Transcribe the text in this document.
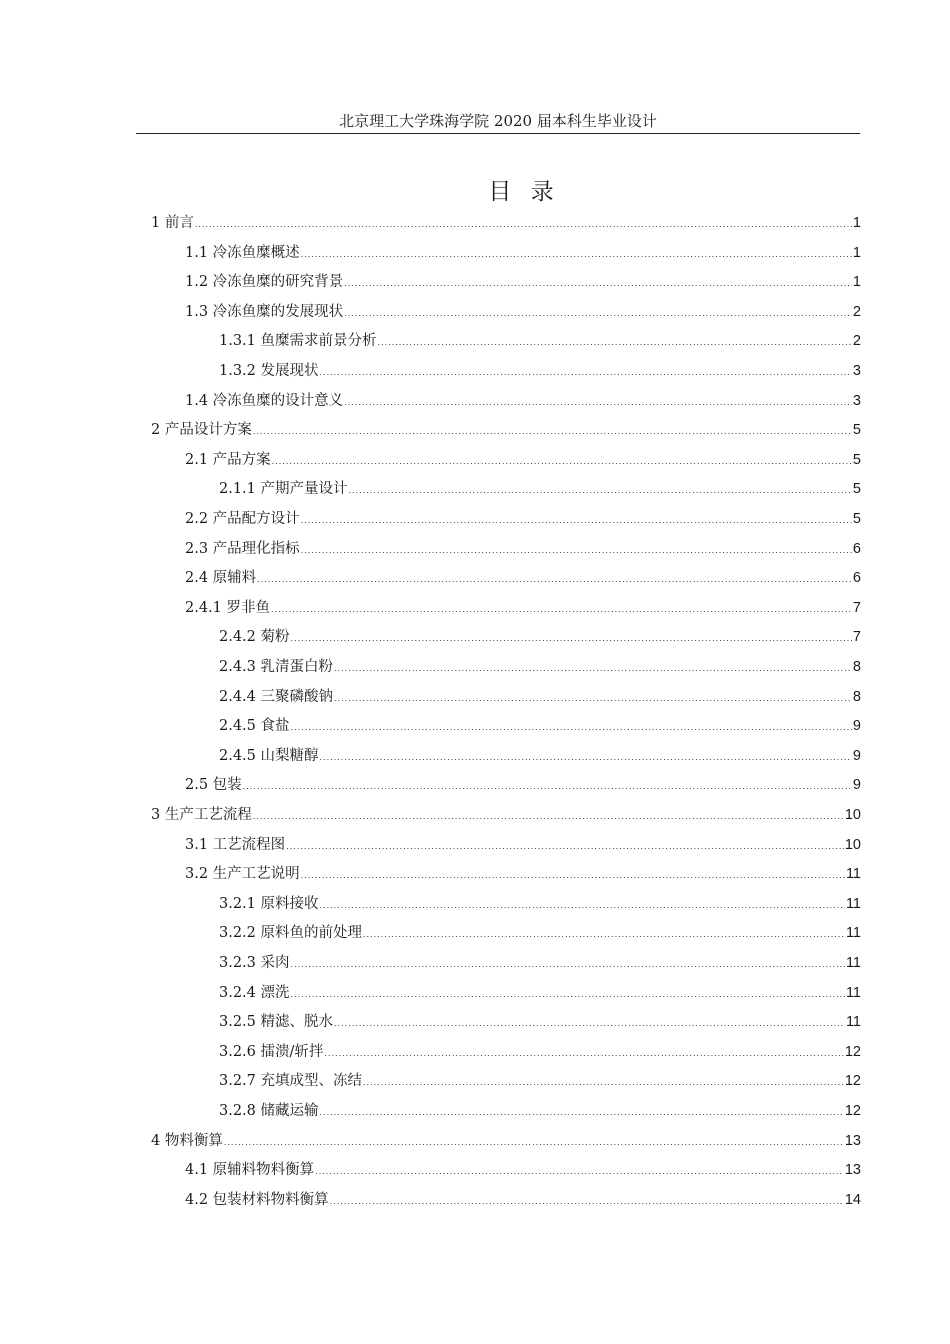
北京理工大学珠海学院 2020 届本科生毕业设计
目 录
1 前言 .....	1
1.1 冷冻鱼糜概述 .....	1
1.2 冷冻鱼糜的研究背景 .....	1
1.3 冷冻鱼糜的发展现状 .....	2
1.3.1 鱼糜需求前景分析 .....	2
1.3.2 发展现状 .....	3
1.4 冷冻鱼糜的设计意义 .....	3
2 产品设计方案 .....	5
2.1 产品方案 .....	5
2.1.1 产期产量设计 .....	5
2.2 产品配方设计 .....	5
2.3 产品理化指标 .....	6
2.4 原辅料 .....	6
2.4.1 罗非鱼 .....	7
2.4.2 菊粉 .....	7
2.4.3 乳清蛋白粉 .....	8
2.4.4 三聚磷酸钠 .....	8
2.4.5 食盐 .....	9
2.4.5 山梨糖醇 .....	9
2.5 包装 .....	9
3 生产工艺流程 .....	10
3.1 工艺流程图 .....	10
3.2 生产工艺说明 .....	11
3.2.1 原料接收 .....	11
3.2.2 原料鱼的前处理 .....	11
3.2.3 采肉 .....	11
3.2.4 漂洗 .....	11
3.2.5 精滤、脱水 .....	11
3.2.6 擂溃/斩拌 .....	12
3.2.7 充填成型、冻结 .....	12
3.2.8 储藏运输 .....	12
4 物料衡算 .....	13
4.1 原辅料物料衡算 .....	13
4.2 包装材料物料衡算 .....	14
